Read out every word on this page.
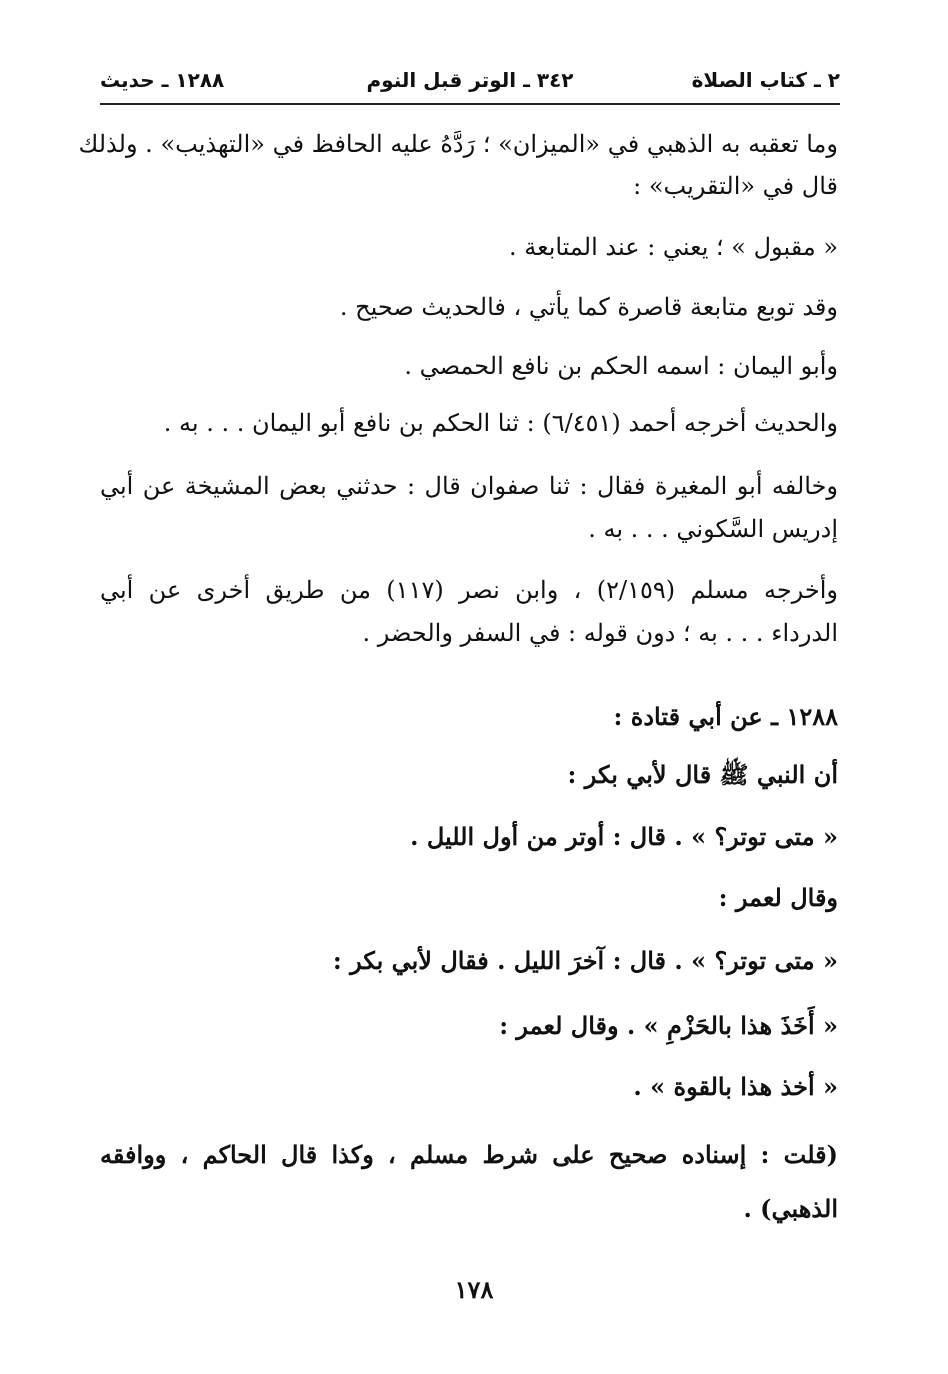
٢ ـ كتاب الصلاة
٣٤٢ ـ الوتر قبل النوم
١٢٨٨ ـ حديث
وما تعقبه به الذهبي في «الميزان» ؛ رَدَّهُ عليه الحافظ في «التهذيب» . ولذلك
قال في «التقريب» :
« مقبول » ؛ يعني : عند المتابعة .
وقد توبع متابعة قاصرة كما يأتي ، فالحديث صحيح .
وأبو اليمان : اسمه الحكم بن نافع الحمصي .
والحديث أخرجه أحمد (٦/٤٥١) : ثنا الحكم بن نافع أبو اليمان . . . به .
وخالفه أبو المغيرة فقال : ثنا صفوان قال : حدثني بعض المشيخة عن أبي
إدريس السَّكوني . . . به .
وأخرجه مسلم (٢/١٥٩) ، وابن نصر (١١٧) من طريق أخرى عن أبي
الدرداء . . . به ؛ دون قوله : في السفر والحضر .
١٢٨٨ ـ عن أبي قتادة :
أن النبي ﷺ قال لأبي بكر :
« متى توتر؟ » . قال : أوتر من أول الليل .
وقال لعمر :
« متى توتر؟ » . قال : آخرَ الليل . فقال لأبي بكر :
« أَخَذَ هذا بالحَزْمِ » . وقال لعمر :
« أخذ هذا بالقوة » .
(قلت : إسناده صحيح على شرط مسلم ، وكذا قال الحاكم ، ووافقه
الذهبي) .
١٧٨
